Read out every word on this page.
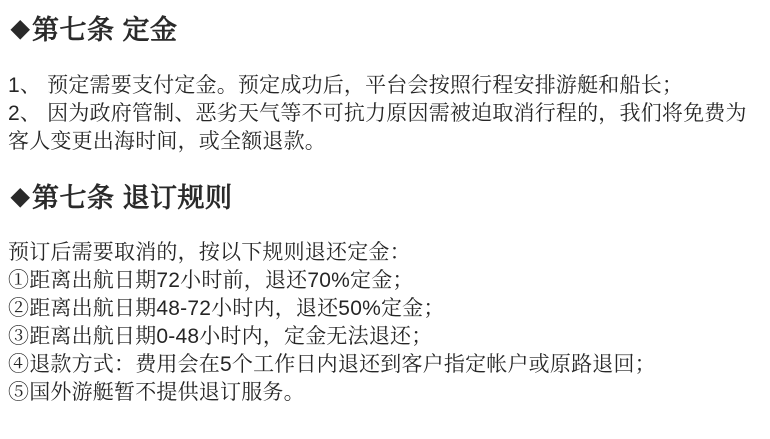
◆ 第七条 定金

1、 预定需要支付定金。预定成功后，平台会按照行程安排游艇和船长；

2、 因为政府管制、恶劣天气等不可抗力原因需被迫取消行程的，我们将免费为客人变更出海时间，或全额退款。

◆ 第七条 退订规则

预订后需要取消的，按以下规则退还定金：

①距离出航日期72小时前，退还70%定金；

②距离出航日期48-72小时内，退还50%定金；

③距离出航日期0-48小时内，定金无法退还；

④退款方式：费用会在5个工作日内退还到客户指定帐户或原路退回；

⑤国外游艇暂不提供退订服务。
